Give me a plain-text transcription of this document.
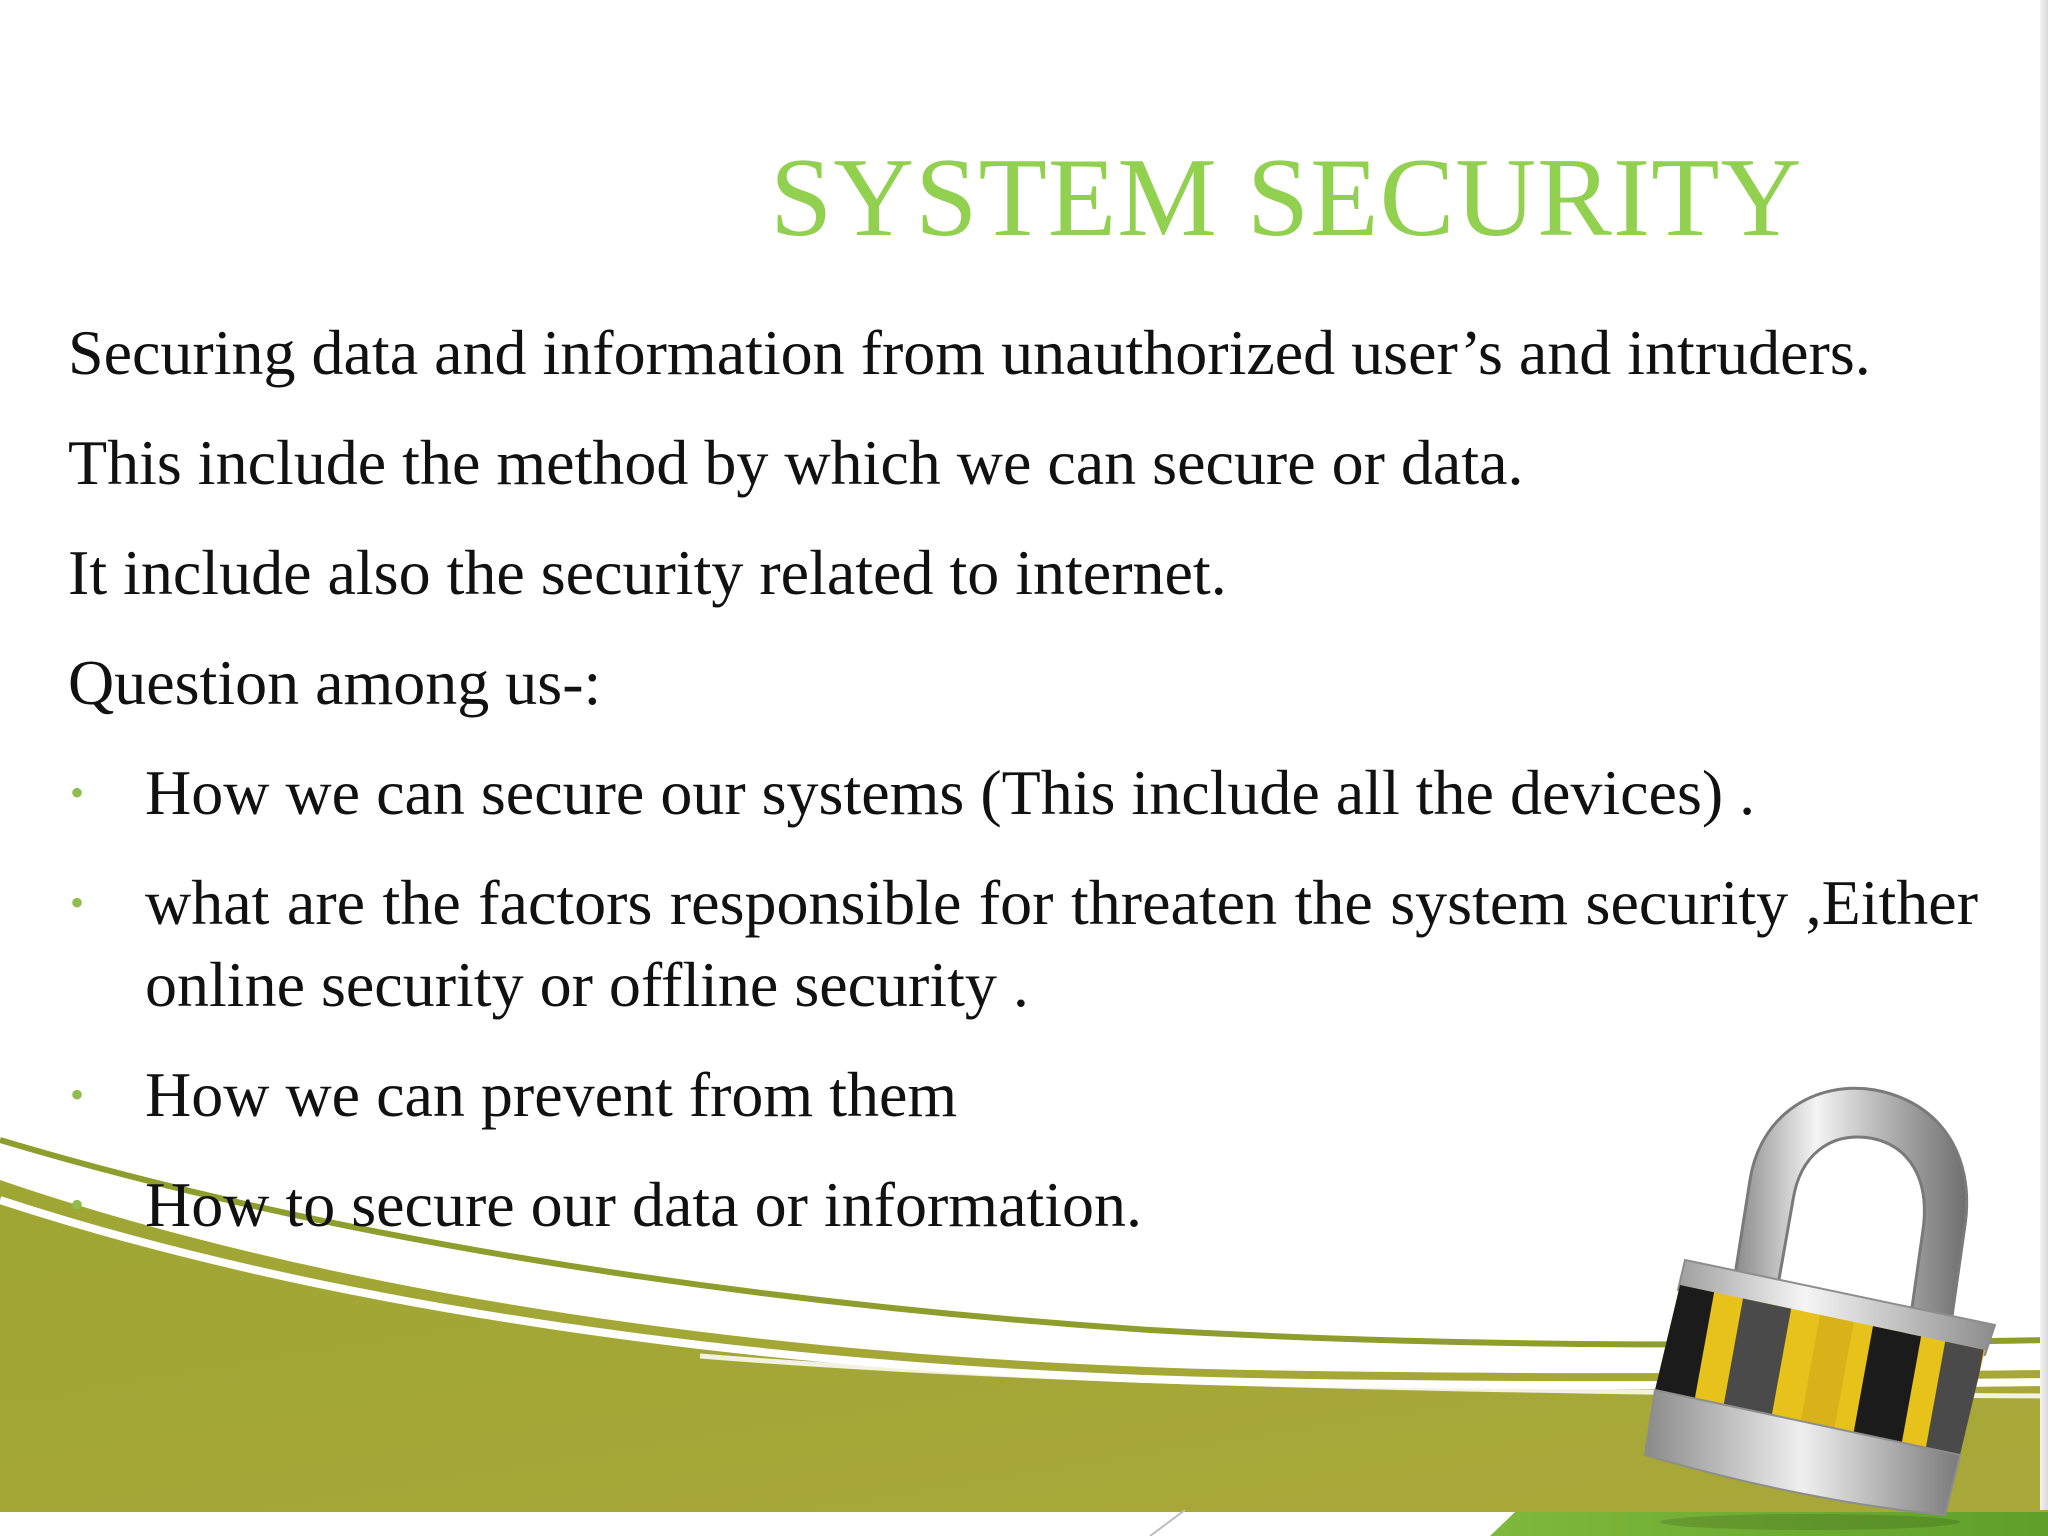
SYSTEM SECURITY

Securing data and information from unauthorized user’s and intruders.

This include the method by which we can secure or data.

It include also the security related to internet.

Question among us-:

• How we can secure our systems (This include all the devices) .
• what are the factors responsible for threaten the system security ,Either online security or offline security .
• How we can prevent from them
• How to secure our data or information.
